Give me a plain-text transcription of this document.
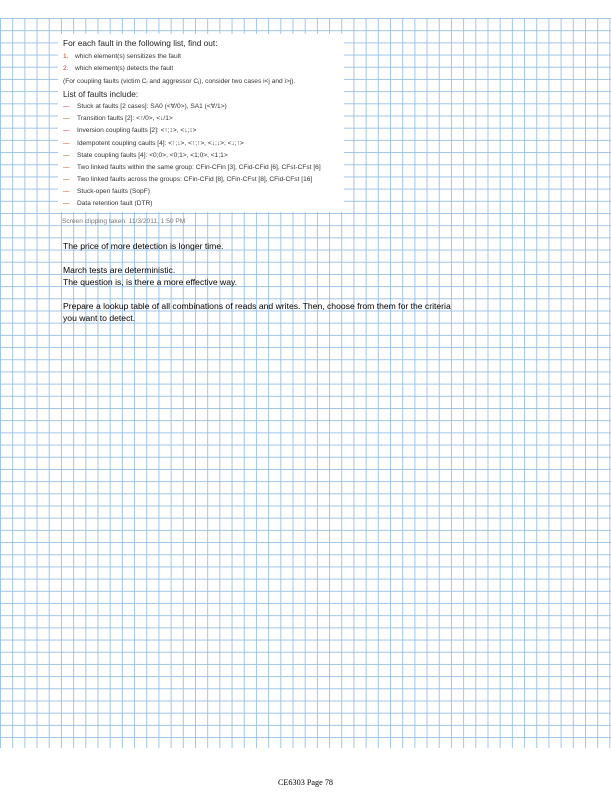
For each fault in the following list, find out:
1. which element(s) sensitizes the fault
2. which element(s) detects the fault
(For coupling faults (victim Cᵢ and aggressor Cⱼ), consider two cases i<j and i>j).
List of faults include:
— Stuck at faults [2 cases]: SA0 (<∀/0>), SA1 (<∀/1>)
— Transition faults [2]: <↑/0>, <↓/1>
— Inversion coupling faults [2]: <↑;↕>, <↓;↕>
— Idempotent coupling caults [4]: <↑;↓>, <↑;↑>, <↓;↓>, <↓;↑>
— State coupling faults [4]: <0;0>, <0;1>, <1;0>, <1;1>
— Two linked faults within the same group: CFin-CFin [3], CFid-CFid [6], CFst-CFst [6]
— Two linked faults across the groups: CFin-CFid [8], CFin-CFst [8], CFid-CFst [16]
— Stuck-open faults (SopF)
— Data retention fault (DTR)
Screen clipping taken: 11/3/2011, 1:50 PM
The price of more detection is longer time.
March tests are deterministic.
The question is, is there a more effective way.
Prepare a lookup table of all combinations of reads and writes. Then, choose from them for the criteria
you want to detect.
CE6303 Page 78
